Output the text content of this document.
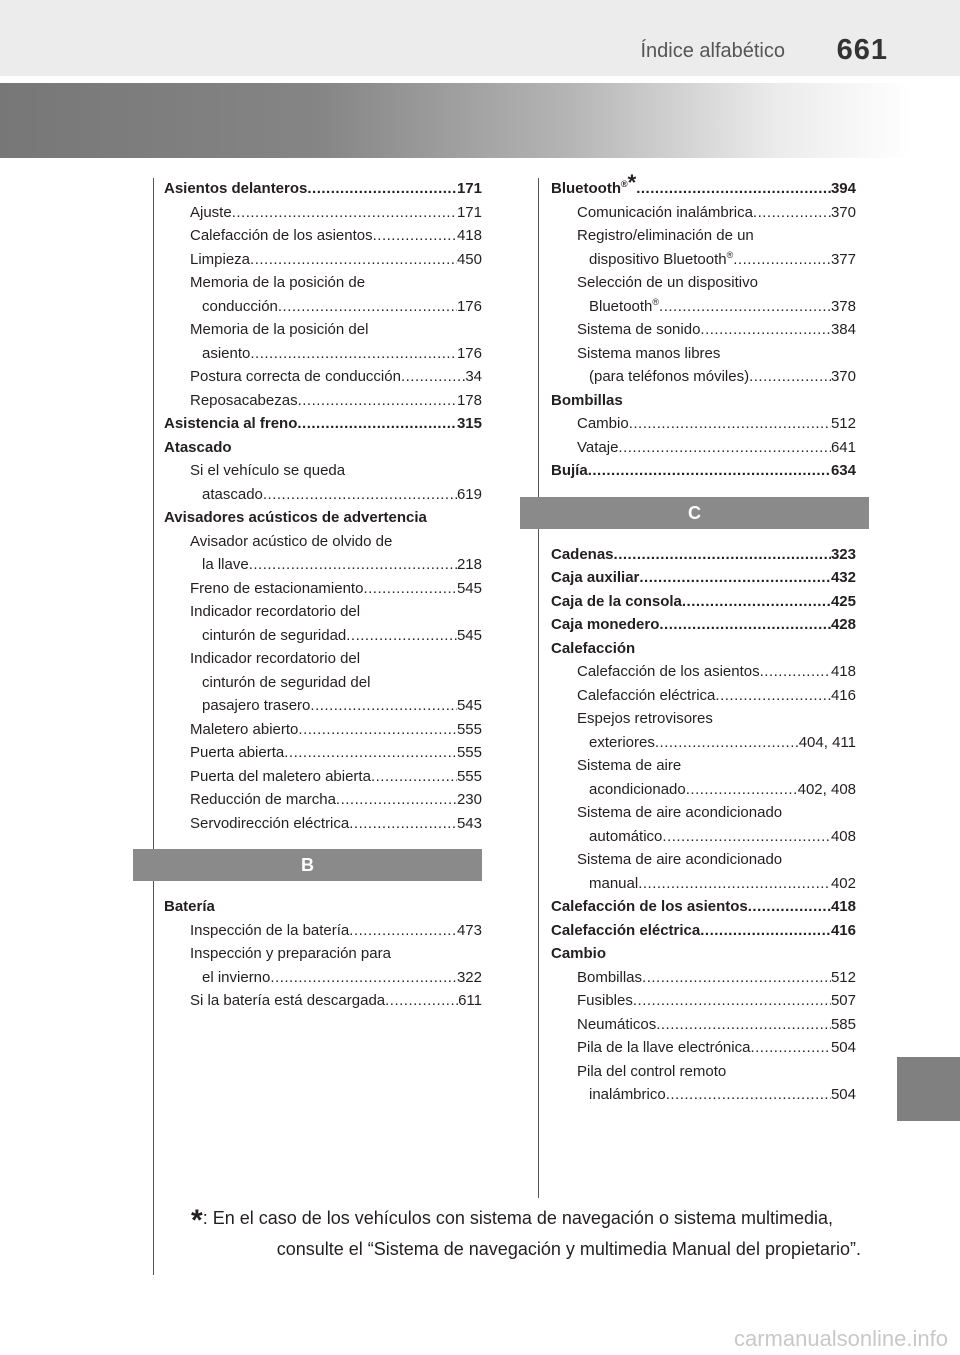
Índice alfabético 661
Asientos delanteros .....	171
Ajuste .....	171
Calefacción de los asientos .....	418
Limpieza .....	450
Memoria de la posición de
conducción .....	176
Memoria de la posición del
asiento .....	176
Postura correcta de conducción .....	34
Reposacabezas .....	178
Asistencia al freno .....	315
Atascado
Si el vehículo se queda
atascado .....	619
Avisadores acústicos de advertencia
Avisador acústico de olvido de
la llave .....	218
Freno de estacionamiento .....	545
Indicador recordatorio del
cinturón de seguridad .....	545
Indicador recordatorio del
cinturón de seguridad del
pasajero trasero .....	545
Maletero abierto .....	555
Puerta abierta .....	555
Puerta del maletero abierta .....	555
Reducción de marcha .....	230
Servodirección eléctrica .....	543
B
Batería
Inspección de la batería .....	473
Inspección y preparación para
el invierno .....	322
Si la batería está descargada .....	611
Bluetooth®* .....	394
Comunicación inalámbrica .....	370
Registro/eliminación de un
dispositivo Bluetooth® .....	377
Selección de un dispositivo
Bluetooth® .....	378
Sistema de sonido .....	384
Sistema manos libres
(para teléfonos móviles) .....	370
Bombillas
Cambio .....	512
Vataje .....	641
Bujía .....	634
C
Cadenas .....	323
Caja auxiliar .....	432
Caja de la consola .....	425
Caja monedero .....	428
Calefacción
Calefacción de los asientos .....	418
Calefacción eléctrica .....	416
Espejos retrovisores
exteriores .....	404, 411
Sistema de aire
acondicionado .....	402, 408
Sistema de aire acondicionado
automático .....	408
Sistema de aire acondicionado
manual .....	402
Calefacción de los asientos .....	418
Calefacción eléctrica .....	416
Cambio
Bombillas .....	512
Fusibles .....	507
Neumáticos .....	585
Pila de la llave electrónica .....	504
Pila del control remoto
inalámbrico .....	504
*: En el caso de los vehículos con sistema de navegación o sistema multimedia,
consulte el “Sistema de navegación y multimedia Manual del propietario”.
carmanualsonline.info
